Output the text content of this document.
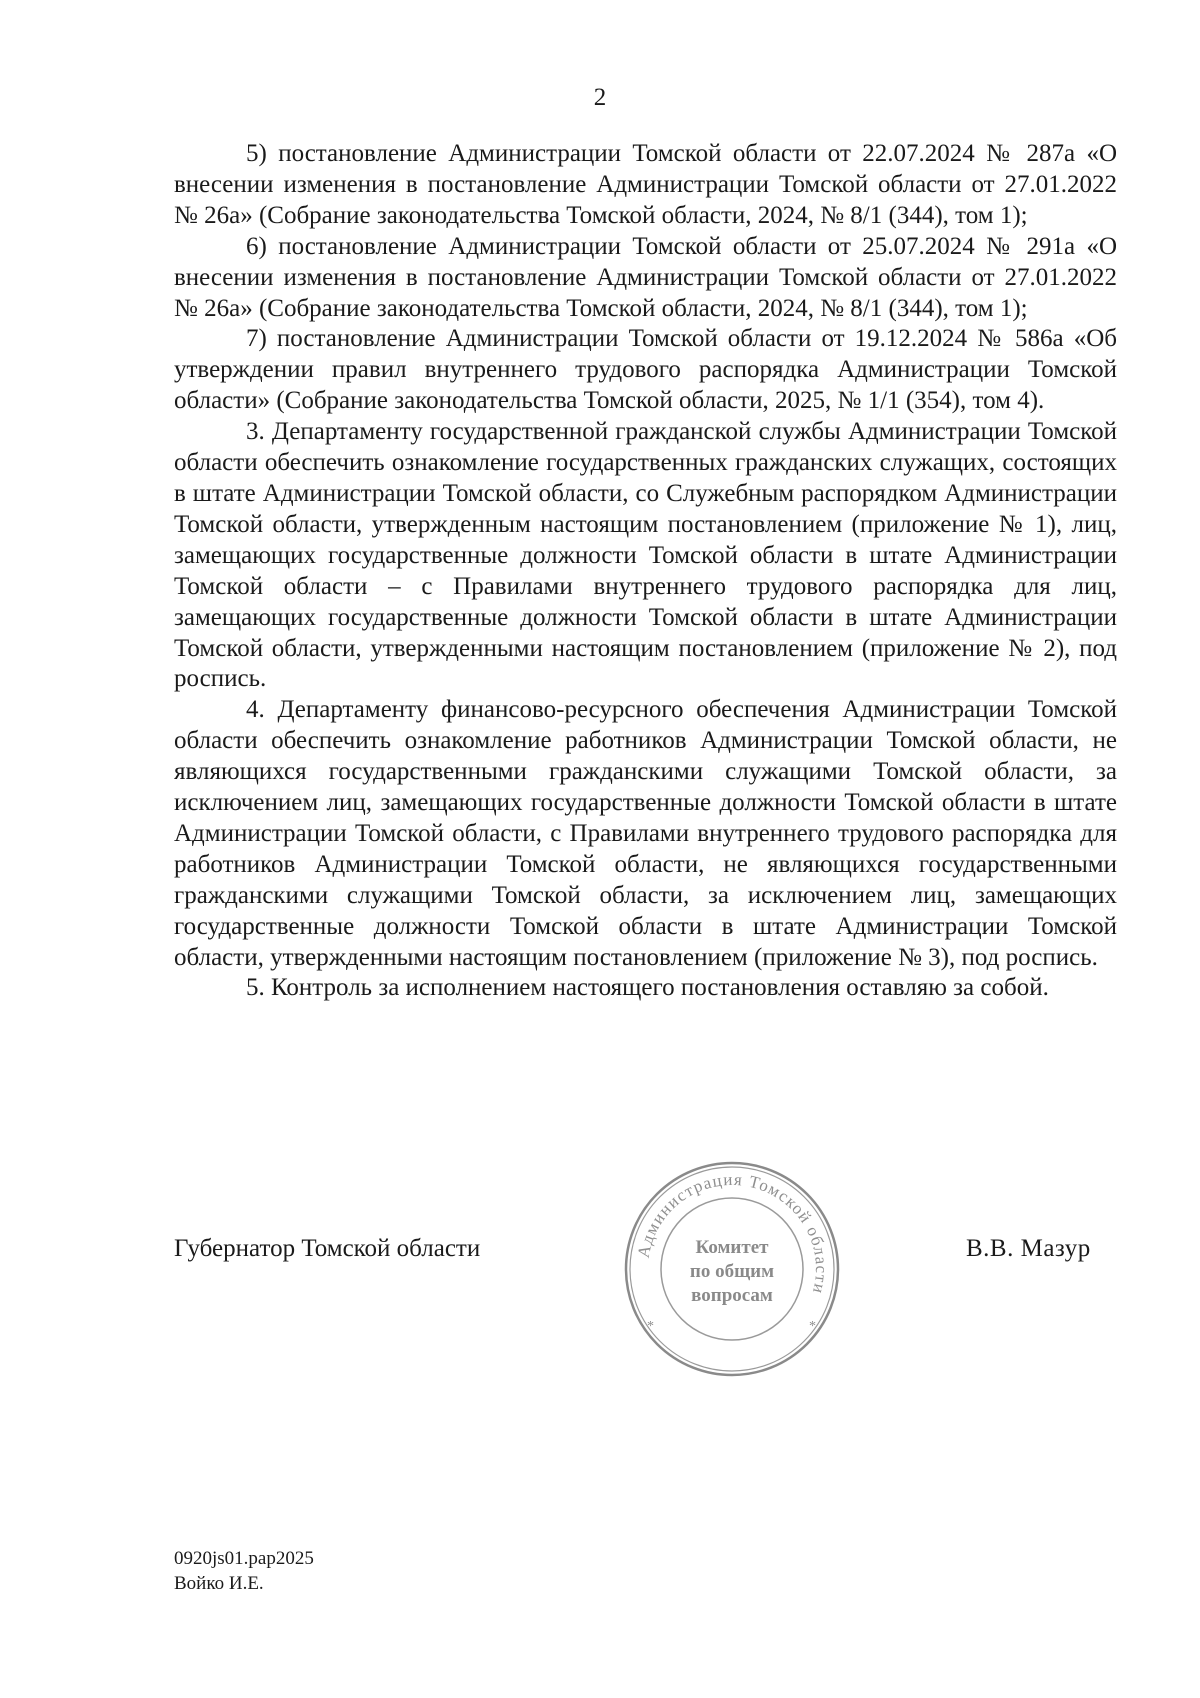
2

5) постановление Администрации Томской области от 22.07.2024 № 287а «О внесении изменения в постановление Администрации Томской области от 27.01.2022 № 26а» (Собрание законодательства Томской области, 2024, № 8/1 (344), том 1);

6) постановление Администрации Томской области от 25.07.2024 № 291а «О внесении изменения в постановление Администрации Томской области от 27.01.2022 № 26а» (Собрание законодательства Томской области, 2024, № 8/1 (344), том 1);

7) постановление Администрации Томской области от 19.12.2024 № 586а «Об утверждении правил внутреннего трудового распорядка Администрации Томской области» (Собрание законодательства Томской области, 2025, № 1/1 (354), том 4).

3. Департаменту государственной гражданской службы Администрации Томской области обеспечить ознакомление государственных гражданских служащих, состоящих в штате Администрации Томской области, со Служебным распорядком Администрации Томской области, утвержденным настоящим постановлением (приложение № 1), лиц, замещающих государственные должности Томской области в штате Администрации Томской области – с Правилами внутреннего трудового распорядка для лиц, замещающих государственные должности Томской области в штате Администрации Томской области, утвержденными настоящим постановлением (приложение № 2), под роспись.

4. Департаменту финансово-ресурсного обеспечения Администрации Томской области обеспечить ознакомление работников Администрации Томской области, не являющихся государственными гражданскими служащими Томской области, за исключением лиц, замещающих государственные должности Томской области в штате Администрации Томской области, с Правилами внутреннего трудового распорядка для работников Администрации Томской области, не являющихся государственными гражданскими служащими Томской области, за исключением лиц, замещающих государственные должности Томской области в штате Администрации Томской области, утвержденными настоящим постановлением (приложение № 3), под роспись.

5. Контроль за исполнением настоящего постановления оставляю за собой.

Губернатор Томской области	Администрация Томской области
*	*
Комитет
по общим
вопросам
В.В. Мазур
0920js01.pap2025
Войко И.Е.
